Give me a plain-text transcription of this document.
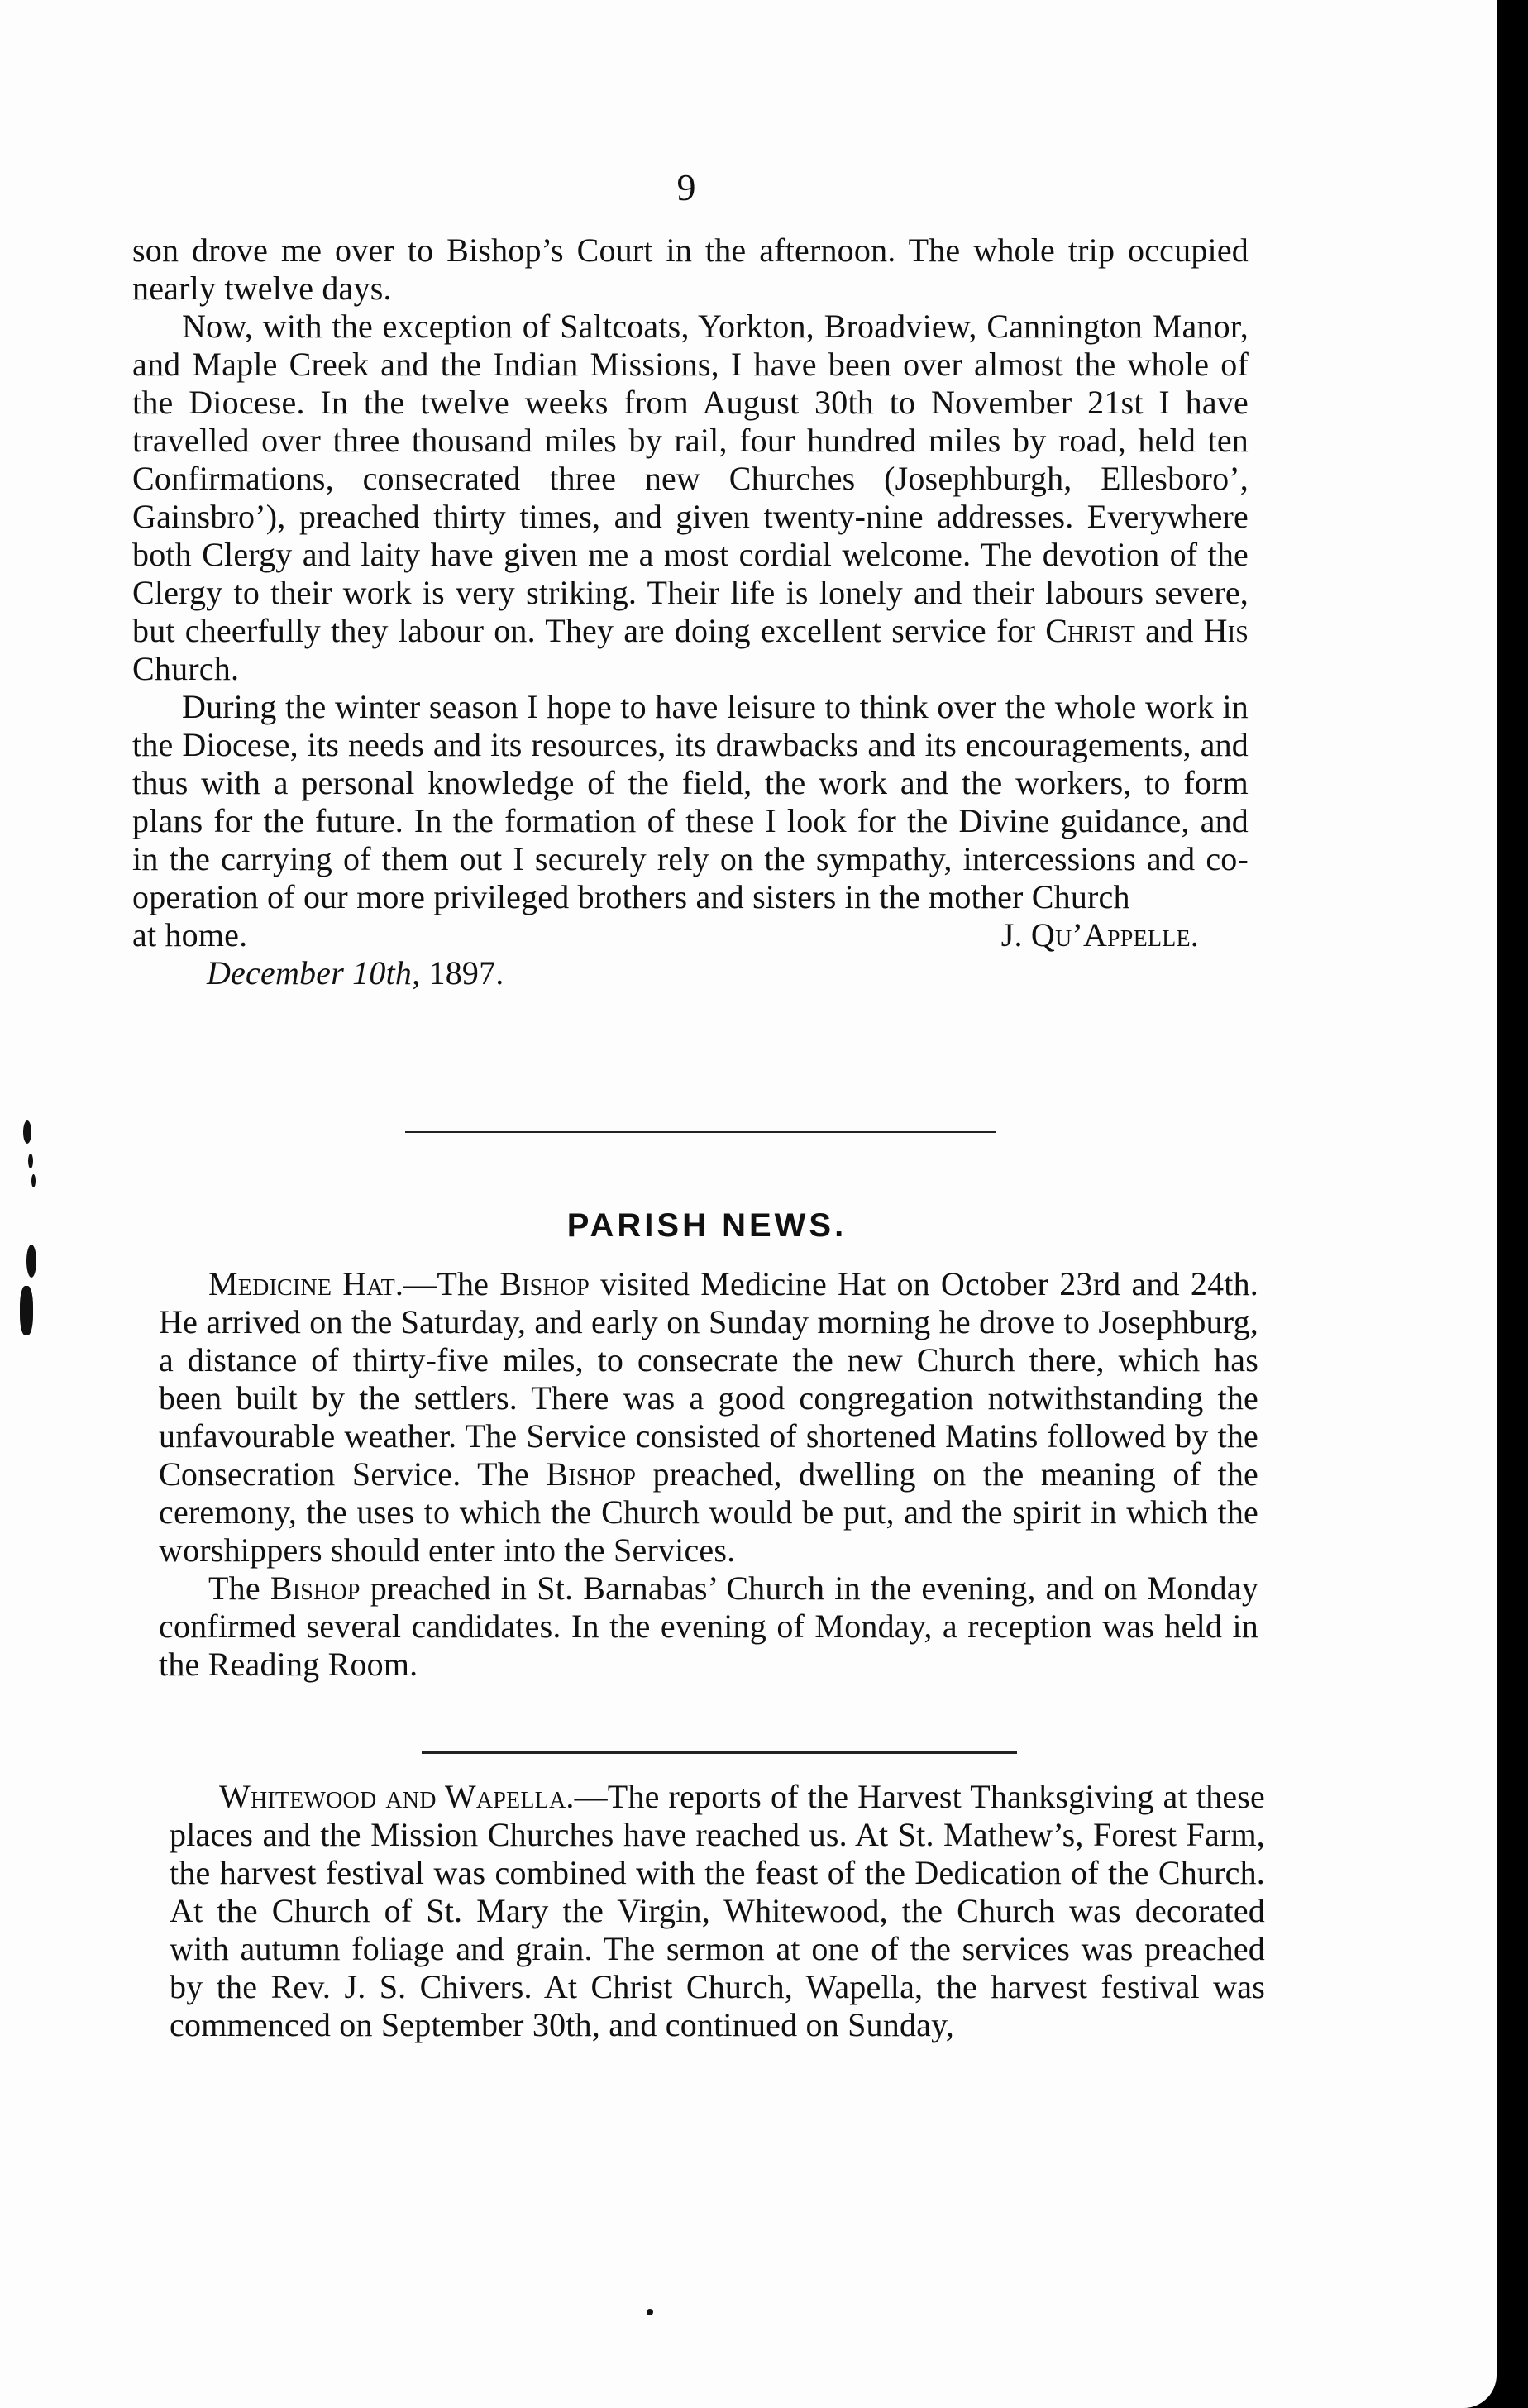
9

son drove me over to Bishop’s Court in the afternoon. The whole trip occupied nearly twelve days.

Now, with the exception of Saltcoats, Yorkton, Broadview, Cannington Manor, and Maple Creek and the Indian Missions, I have been over almost the whole of the Diocese. In the twelve weeks from August 30th to November 21st I have travelled over three thousand miles by rail, four hundred miles by road, held ten Confirmations, consecrated three new Churches (Josephburgh, Ellesboro’, Gainsbro’), preached thirty times, and given twenty-nine addresses. Everywhere both Clergy and laity have given me a most cordial welcome. The devotion of the Clergy to their work is very striking. Their life is lonely and their labours severe, but cheerfully they labour on. They are doing excellent service for Christ and His Church.

During the winter season I hope to have leisure to think over the whole work in the Diocese, its needs and its resources, its drawbacks and its encouragements, and thus with a personal knowledge of the field, the work and the workers, to form plans for the future. In the formation of these I look for the Divine guidance, and in the carrying of them out I securely rely on the sympathy, intercessions and co-operation of our more privileged brothers and sisters in the mother Church

at home.	J. Qu’Appelle.
December 10th, 1897.
PARISH NEWS.

Medicine Hat.—The Bishop visited Medicine Hat on October 23rd and 24th. He arrived on the Saturday, and early on Sunday morning he drove to Josephburg, a distance of thirty-five miles, to consecrate the new Church there, which has been built by the settlers. There was a good congregation notwithstanding the unfavourable weather. The Service consisted of shortened Matins followed by the Consecration Service. The Bishop preached, dwelling on the meaning of the ceremony, the uses to which the Church would be put, and the spirit in which the worshippers should enter into the Services.

The Bishop preached in St. Barnabas’ Church in the evening, and on Monday confirmed several candidates. In the evening of Monday, a reception was held in the Reading Room.

Whitewood and Wapella.—The reports of the Harvest Thanksgiving at these places and the Mission Churches have reached us. At St. Mathew’s, Forest Farm, the harvest festival was combined with the feast of the Dedication of the Church. At the Church of St. Mary the Virgin, Whitewood, the Church was decorated with autumn foliage and grain. The sermon at one of the services was preached by the Rev. J. S. Chivers. At Christ Church, Wapella, the harvest festival was commenced on September 30th, and continued on Sunday,
